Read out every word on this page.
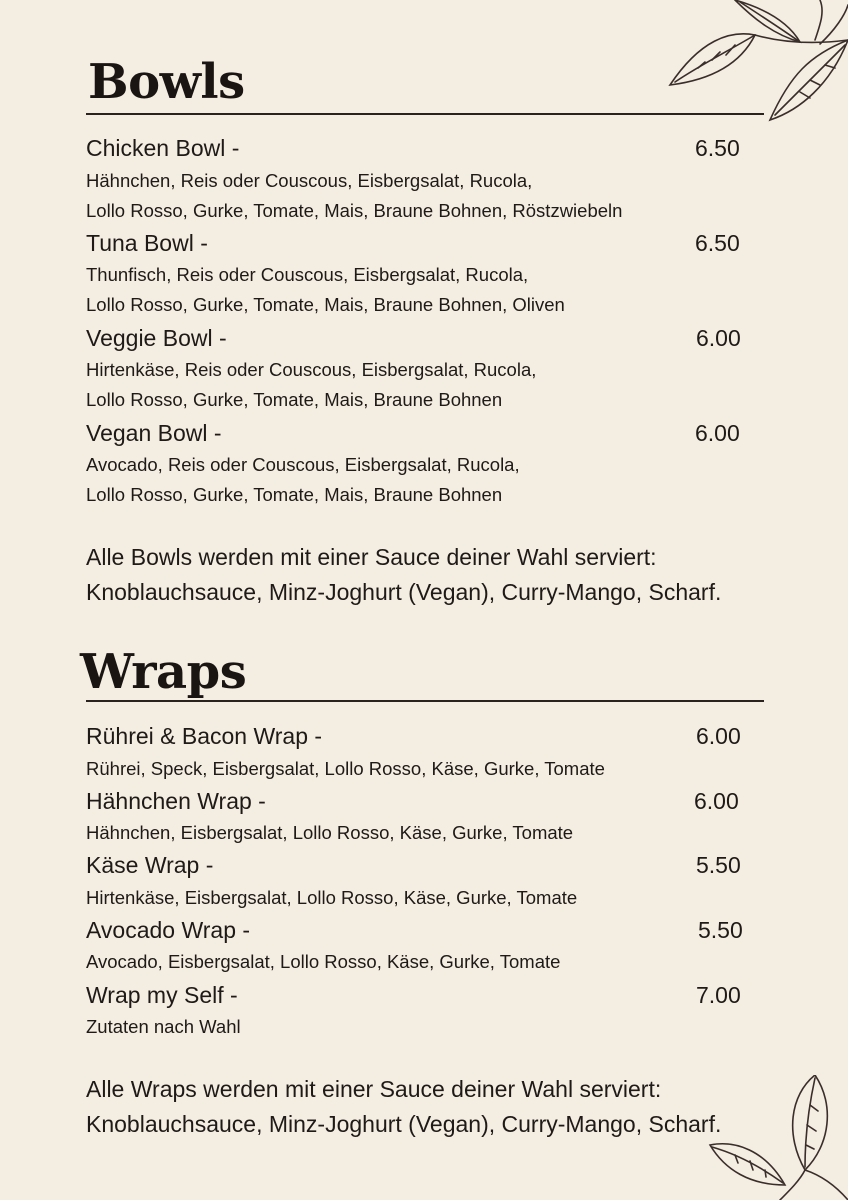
Bowls
Chicken Bowl -	6.50
Hähnchen, Reis oder Couscous, Eisbergsalat, Rucola,
Lollo Rosso, Gurke, Tomate, Mais, Braune Bohnen, Röstzwiebeln
Tuna Bowl -	6.50
Thunfisch, Reis oder Couscous, Eisbergsalat, Rucola,
Lollo Rosso, Gurke, Tomate, Mais, Braune Bohnen, Oliven
Veggie Bowl -	6.00
Hirtenkäse, Reis oder Couscous, Eisbergsalat, Rucola,
Lollo Rosso, Gurke, Tomate, Mais, Braune Bohnen
Vegan Bowl -	6.00
Avocado, Reis oder Couscous, Eisbergsalat, Rucola,
Lollo Rosso, Gurke, Tomate, Mais, Braune Bohnen
Alle Bowls werden mit einer Sauce deiner Wahl serviert: Knoblauchsauce, Minz-Joghurt (Vegan), Curry-Mango, Scharf.
Wraps
Rührei & Bacon Wrap -	6.00
Rührei, Speck, Eisbergsalat, Lollo Rosso, Käse, Gurke, Tomate
Hähnchen Wrap -	6.00
Hähnchen, Eisbergsalat, Lollo Rosso, Käse, Gurke, Tomate
Käse Wrap -	5.50
Hirtenkäse, Eisbergsalat, Lollo Rosso, Käse, Gurke, Tomate
Avocado Wrap -	5.50
Avocado, Eisbergsalat, Lollo Rosso, Käse, Gurke, Tomate
Wrap my Self -	7.00
Zutaten nach Wahl
Alle Wraps werden mit einer Sauce deiner Wahl serviert: Knoblauchsauce, Minz-Joghurt (Vegan), Curry-Mango, Scharf.
